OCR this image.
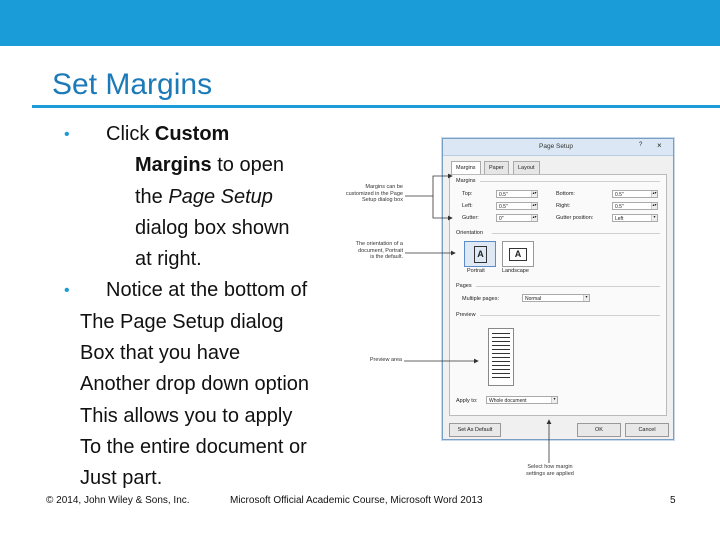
Set Margins
• Click Custom
Margins to open
the Page Setup
dialog box shown
at right.
• Notice at the bottom of
The Page Setup dialog
Box that you have
Another drop down option
This allows you to apply
To the entire document or
Just part.
Page Setup	? ×
Margins	Paper	Layout
Margins
Top:	0.5"	▴▾	Bottom:	0.5"	▴▾
Left:	0.5"	▴▾	Right:	0.5"	▴▾
Gutter:	0"	▴▾	Gutter position:	Left	▾
Orientation
A	A
Portrait	Landscape
Pages
Multiple pages:	Normal	▾
Preview
Apply to:	Whole document	▾
Set As Default	OK	Cancel
Margins can be
customized in the Page
Setup dialog box
The orientation of a
document, Portrait
is the default.
Preview area
Select how margin
settings are applied
© 2014, John Wiley & Sons, Inc.	Microsoft Official Academic Course, Microsoft Word 2013	5
